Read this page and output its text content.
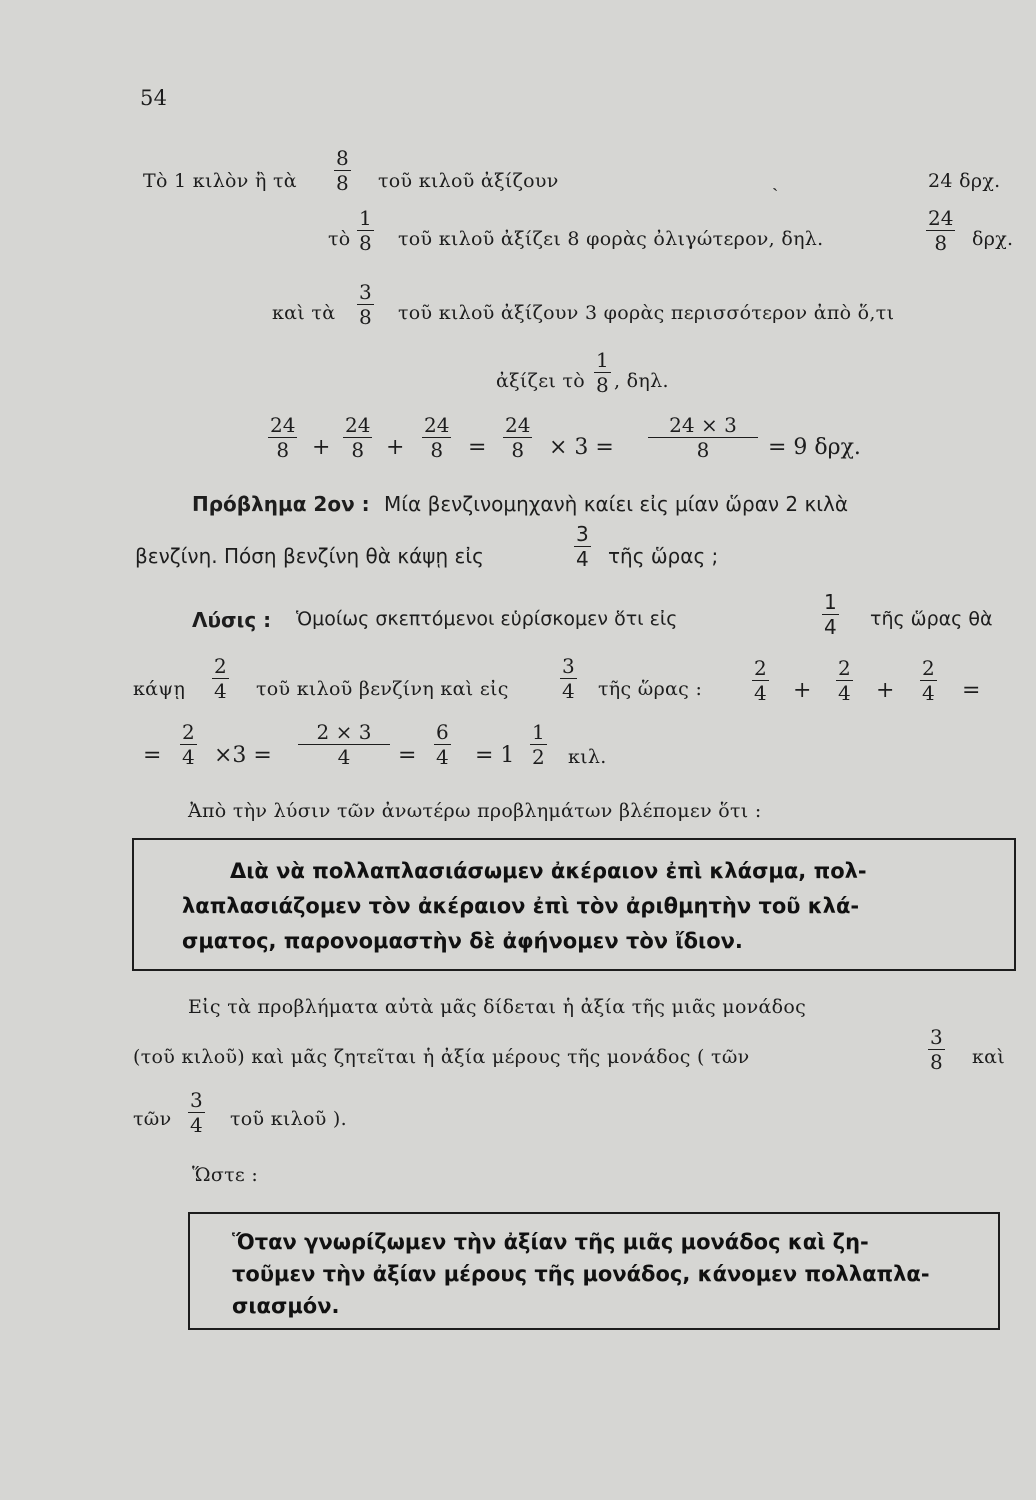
54
Τὸ 1 κιλὸν ἢ τὰ
8
8 τοῦ κιλοῦ ἀξίζουν	ˎ	24 δρχ.
τὸ
1
8 τοῦ κιλοῦ ἀξίζει 8 φορὰς ὀλιγώτερον, δηλ.
24
8 δρχ.
καὶ τὰ
3
8 τοῦ κιλοῦ ἀξίζουν 3 φορὰς περισσότερον ἀπὸ ὅ,τι
ἀξίζει τὸ
1
8 , δηλ.
24
8 +
24
8 +
24
8 =
24
8 × 3 =
24 × 3
8	= 9 δρχ.
Πρόβλημα 2ον : Μία βενζινομηχανὴ καίει εἰς μίαν ὥραν 2 κιλὰ
βενζίνη. Πόση βενζίνη θὰ κάψῃ εἰς
3
4 τῆς ὥρας ;
Λύσις : Ὁμοίως σκεπτόμενοι εὑρίσκομεν ὅτι εἰς
1
4 τῆς ὥρας θὰ
κάψῃ
2
4 τοῦ κιλοῦ βενζίνη καὶ εἰς
3
4 τῆς ὥρας :
2
4 +
2
4 +
2
4 =
=
2
4 ×3 =
2 × 3
4 =
6
4 = 1
1
2 κιλ.
Ἀπὸ τὴν λύσιν τῶν ἀνωτέρω προβλημάτων βλέπομεν ὅτι :
Διὰ νὰ πολλαπλασιάσωμεν ἀκέραιον ἐπὶ κλάσμα, πολ-
λαπλασιάζομεν τὸν ἀκέραιον ἐπὶ τὸν ἀριθμητὴν τοῦ κλά-
σματος, παρονομαστὴν δὲ ἀφήνομεν τὸν ἴδιον.
Εἰς τὰ προβλήματα αὐτὰ μᾶς δίδεται ἡ ἀξία τῆς μιᾶς μονάδος
(τοῦ κιλοῦ) καὶ μᾶς ζητεῖται ἡ ἀξία μέρους τῆς μονάδος ( τῶν
3
8 καὶ
τῶν
3
4 τοῦ κιλοῦ ).
Ὥστε :
Ὅταν γνωρίζωμεν τὴν ἀξίαν τῆς μιᾶς μονάδος καὶ ζη-
τοῦμεν τὴν ἀξίαν μέρους τῆς μονάδος, κάνομεν πολλαπλα-
σιασμόν.
